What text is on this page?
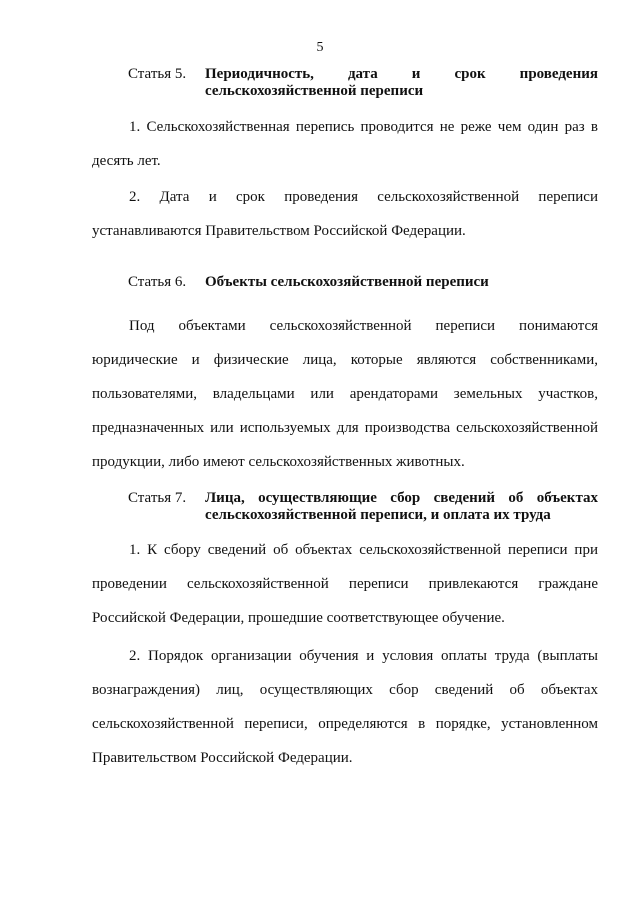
5
Статья 5.	Периодичность, дата и срок проведения сельскохозяйственной переписи
1. Сельскохозяйственная перепись проводится не реже чем один раз в десять лет.
2. Дата и срок проведения сельскохозяйственной переписи устанавливаются Правительством Российской Федерации.
Статья 6.	Объекты сельскохозяйственной переписи
Под объектами сельскохозяйственной переписи понимаются юридические и физические лица, которые являются собственниками, пользователями, владельцами или арендаторами земельных участков, предназначенных или используемых для производства сельскохозяйственной продукции, либо имеют сельскохозяйственных животных.
Статья 7.	Лица, осуществляющие сбор сведений об объектах сельскохозяйственной переписи, и оплата их труда
1. К сбору сведений об объектах сельскохозяйственной переписи при проведении сельскохозяйственной переписи привлекаются граждане Российской Федерации, прошедшие соответствующее обучение.
2. Порядок организации обучения и условия оплаты труда (выплаты вознаграждения) лиц, осуществляющих сбор сведений об объектах сельскохозяйственной переписи, определяются в порядке, установленном Правительством Российской Федерации.
